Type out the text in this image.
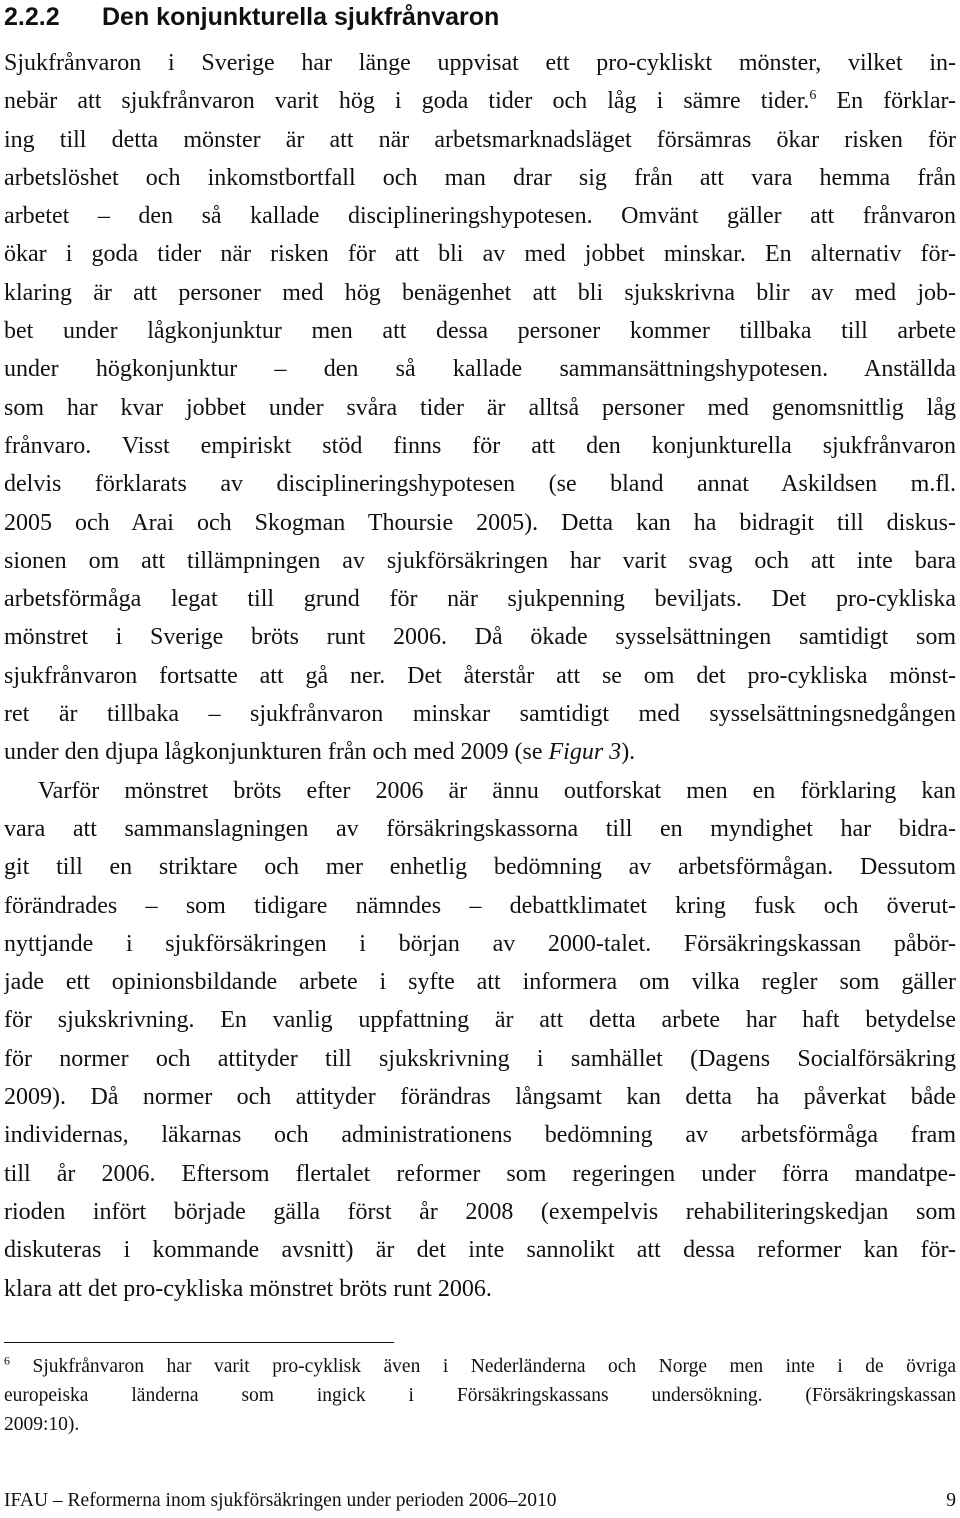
2.2.2 Den konjunkturella sjukfrånvaron
Sjukfrånvaron i Sverige har länge uppvisat ett pro-cykliskt mönster, vilket in-
nebär att sjukfrånvaron varit hög i goda tider och låg i sämre tider.$^6$ En förklar-
ing till detta mönster är att när arbetsmarknadsläget försämras ökar risken för
arbetslöshet och inkomstbortfall och man drar sig från att vara hemma från
arbetet – den så kallade disciplineringshypotesen. Omvänt gäller att frånvaron
ökar i goda tider när risken för att bli av med jobbet minskar. En alternativ för-
klaring är att personer med hög benägenhet att bli sjukskrivna blir av med job-
bet under lågkonjunktur men att dessa personer kommer tillbaka till arbete
under högkonjunktur – den så kallade sammansättningshypotesen. Anställda
som har kvar jobbet under svåra tider är alltså personer med genomsnittlig låg
frånvaro. Visst empiriskt stöd finns för att den konjunkturella sjukfrånvaron
delvis förklarats av disciplineringshypotesen (se bland annat Askildsen m.fl.
2005 och Arai och Skogman Thoursie 2005). Detta kan ha bidragit till diskus-
sionen om att tillämpningen av sjukförsäkringen har varit svag och att inte bara
arbetsförmåga legat till grund för när sjukpenning beviljats. Det pro-cykliska
mönstret i Sverige bröts runt 2006. Då ökade sysselsättningen samtidigt som
sjukfrånvaron fortsatte att gå ner. Det återstår att se om det pro-cykliska mönst-
ret är tillbaka – sjukfrånvaron minskar samtidigt med sysselsättningsnedgången
under den djupa lågkonjunkturen från och med 2009 (se Figur 3).
Varför mönstret bröts efter 2006 är ännu outforskat men en förklaring kan
vara att sammanslagningen av försäkringskassorna till en myndighet har bidra-
git till en striktare och mer enhetlig bedömning av arbetsförmågan. Dessutom
förändrades – som tidigare nämndes – debattklimatet kring fusk och överut-
nyttjande i sjukförsäkringen i början av 2000-talet. Försäkringskassan påbör-
jade ett opinionsbildande arbete i syfte att informera om vilka regler som gäller
för sjukskrivning. En vanlig uppfattning är att detta arbete har haft betydelse
för normer och attityder till sjukskrivning i samhället (Dagens Socialförsäkring
2009). Då normer och attityder förändras långsamt kan detta ha påverkat både
individernas, läkarnas och administrationens bedömning av arbetsförmåga fram
till år 2006. Eftersom flertalet reformer som regeringen under förra mandatpe-
rioden infört började gälla först år 2008 (exempelvis rehabiliteringskedjan som
diskuteras i kommande avsnitt) är det inte sannolikt att dessa reformer kan för-
klara att det pro-cykliska mönstret bröts runt 2006.
$^6$ Sjukfrånvaron har varit pro-cyklisk även i Nederländerna och Norge men inte i de övriga
europeiska länderna som ingick i Försäkringskassans undersökning. (Försäkringskassan
2009:10).
IFAU – Reformerna inom sjukförsäkringen under perioden 2006–2010	9
